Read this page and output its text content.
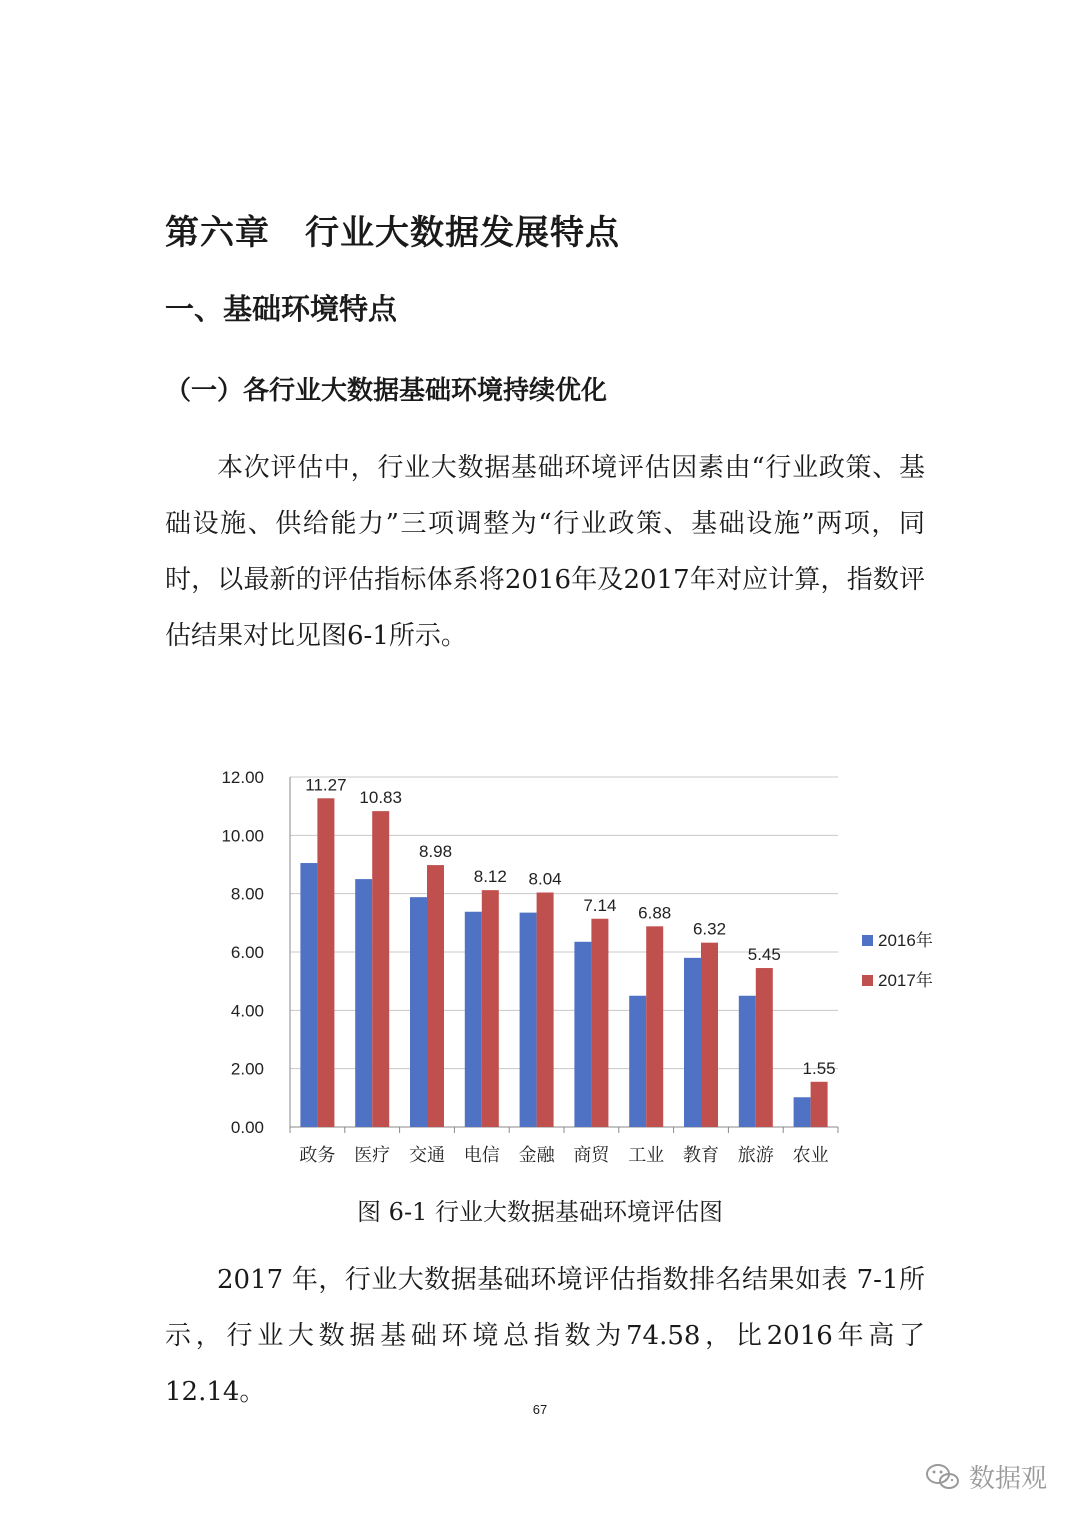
第六章　行业大数据发展特点
一、基础环境特点
（一）各行业大数据基础环境持续优化

本次评估中，行业大数据基础环境评估因素由“行业政策、基础设施、供给能力”三项调整为“行业政策、基础设施”两项，同时，以最新的评估指标体系将2016年及2017年对应计算，指数评估结果对比见图6-1所示。

0.00
2.00
4.00
6.00
8.00
10.00
12.00 11.27
政务
10.83
医疗
8.98
交通
8.12
电信
8.04
金融
7.14
商贸
6.88
工业
6.32
教育
5.45
旅游
1.55
农业
2016年
2017年

图 6-1 行业大数据基础环境评估图

2017 年，行业大数据基础环境评估指数排名结果如表 7-1所示，行业大数据基础环境总指数为74.58，比2016年高了12.14。

67
数据观
